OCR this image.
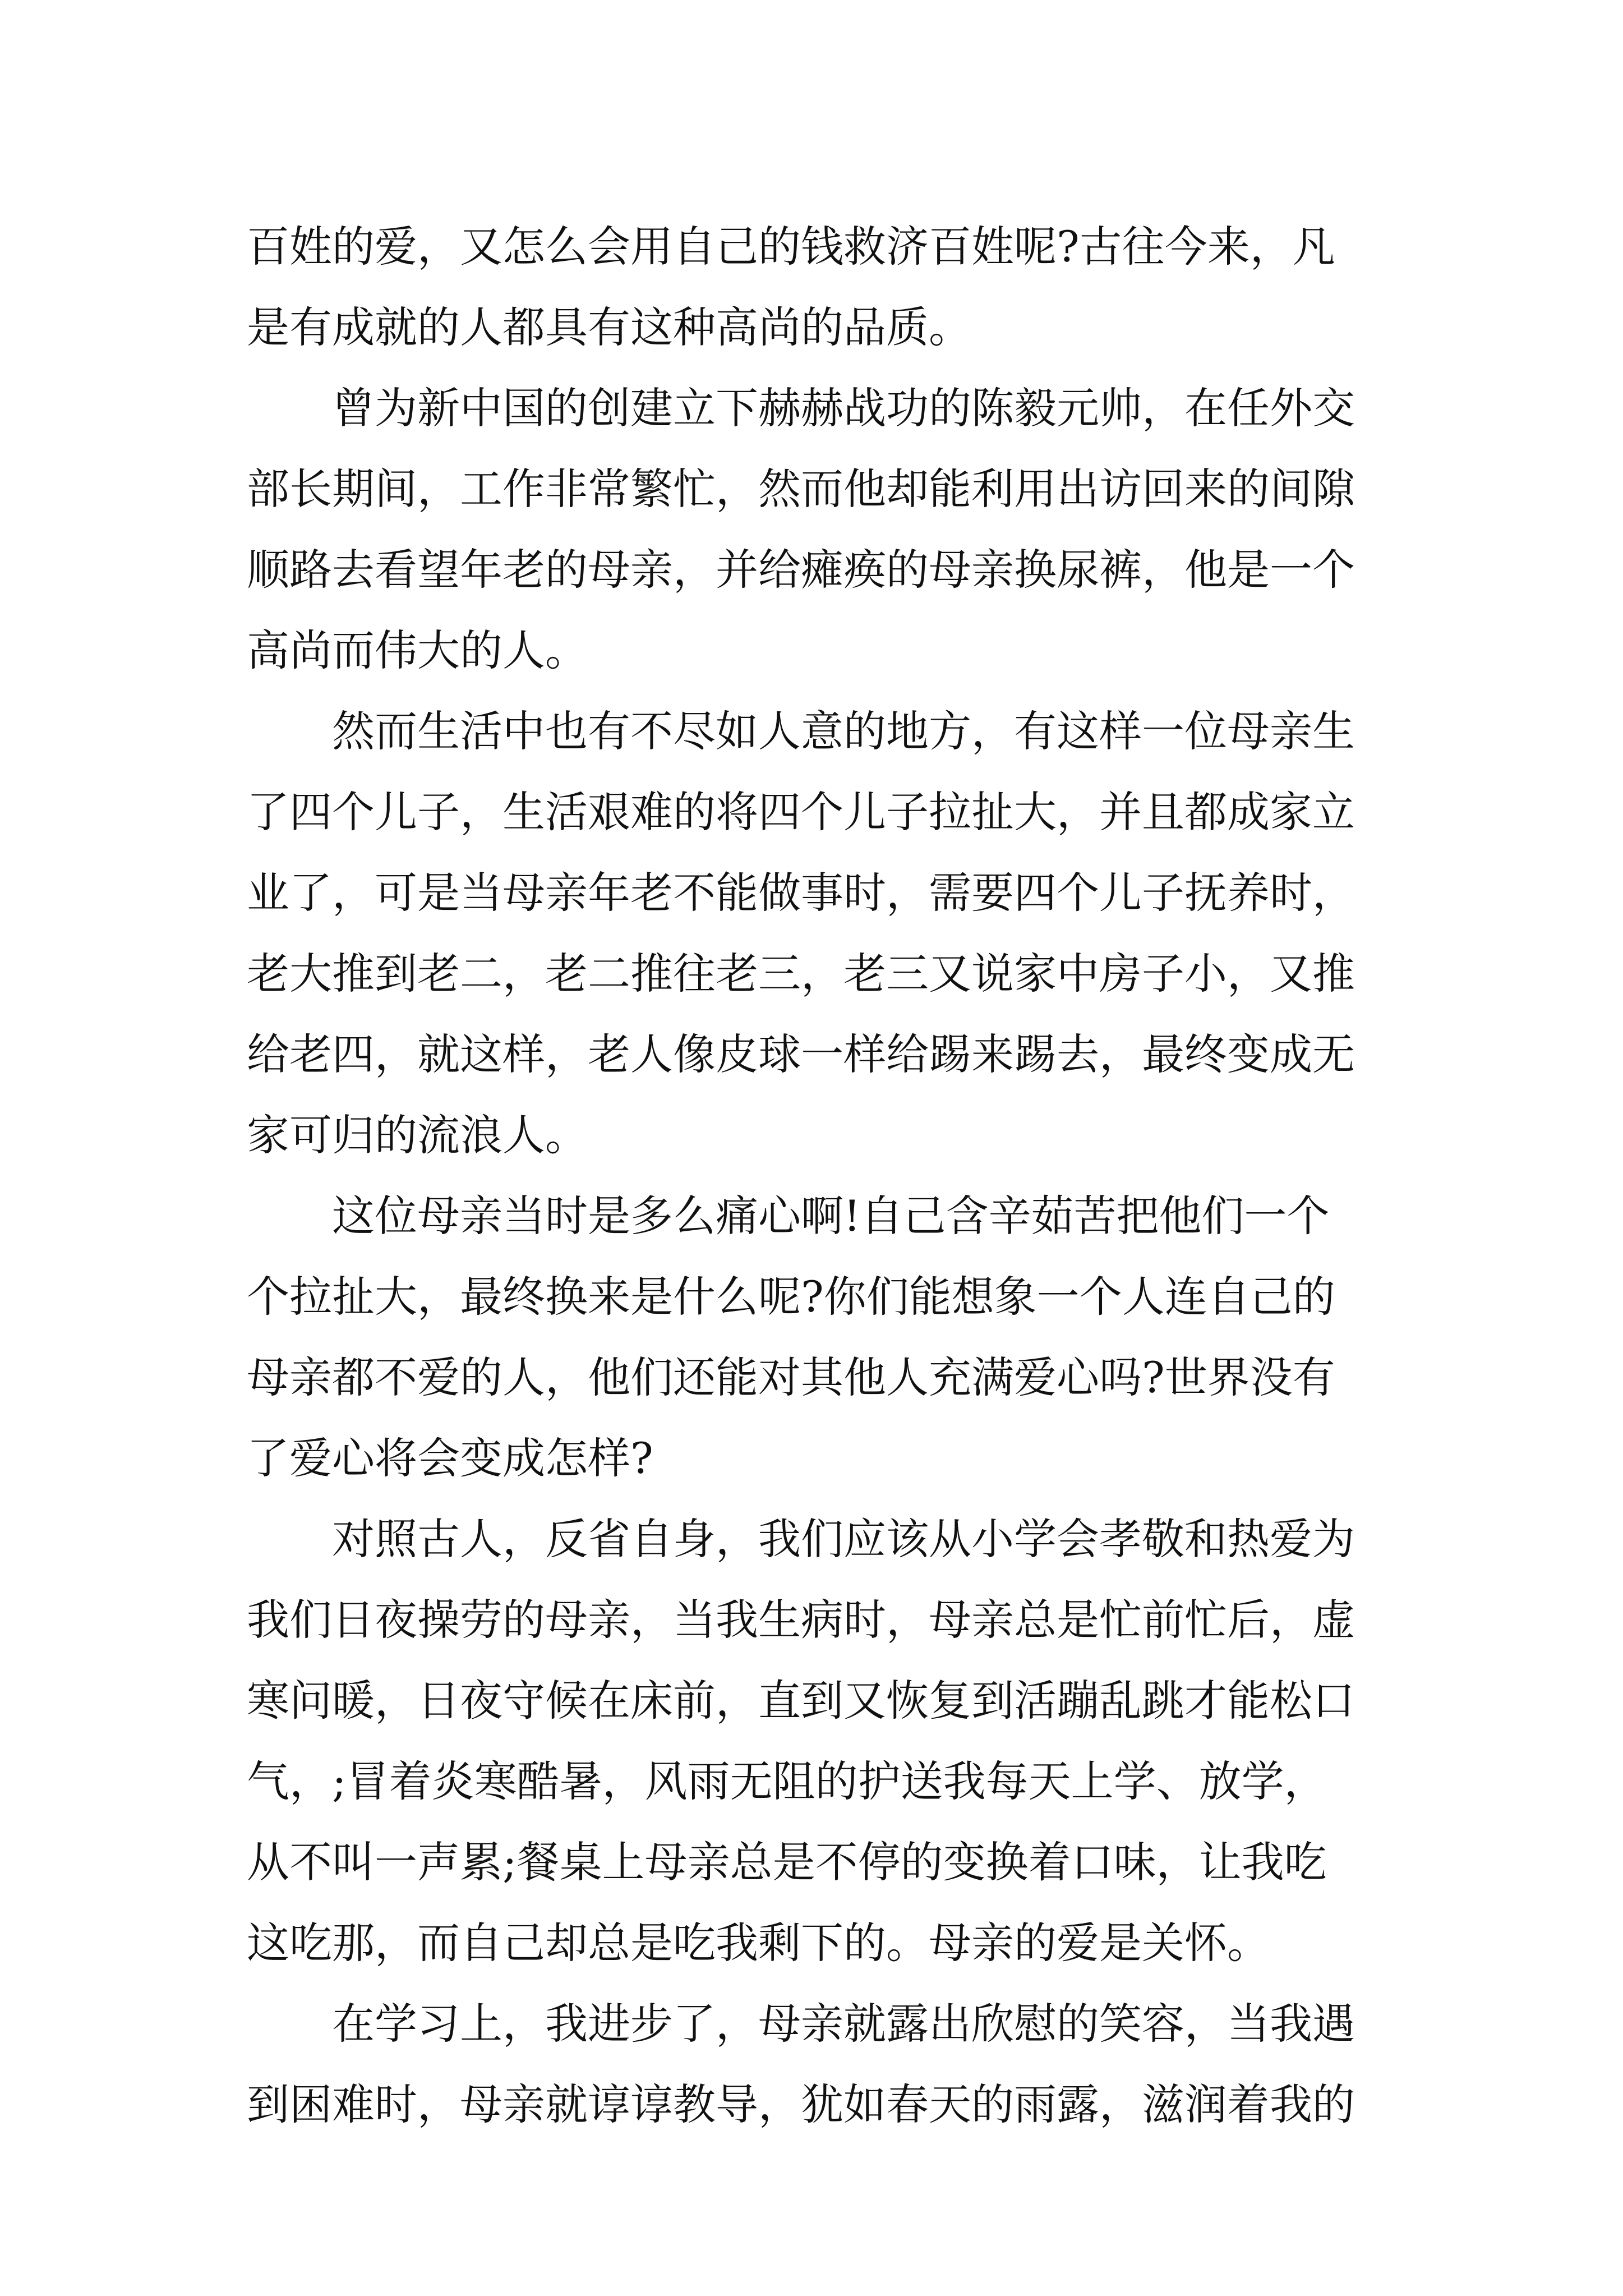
百姓的爱，又怎么会用自己的钱救济百姓呢?古往今来，凡
是有成就的人都具有这种高尚的品质。
曾为新中国的创建立下赫赫战功的陈毅元帅，在任外交
部长期间，工作非常繁忙，然而他却能利用出访回来的间隙
顺路去看望年老的母亲，并给瘫痪的母亲换尿裤，他是一个
高尚而伟大的人。
然而生活中也有不尽如人意的地方，有这样一位母亲生
了四个儿子，生活艰难的将四个儿子拉扯大，并且都成家立
业了，可是当母亲年老不能做事时，需要四个儿子抚养时，
老大推到老二，老二推往老三，老三又说家中房子小，又推
给老四，就这样，老人像皮球一样给踢来踢去，最终变成无
家可归的流浪人。
这位母亲当时是多么痛心啊!自己含辛茹苦把他们一个
个拉扯大，最终换来是什么呢?你们能想象一个人连自己的
母亲都不爱的人，他们还能对其他人充满爱心吗?世界没有
了爱心将会变成怎样?
对照古人，反省自身，我们应该从小学会孝敬和热爱为
我们日夜操劳的母亲，当我生病时，母亲总是忙前忙后，虚
寒问暖，日夜守候在床前，直到又恢复到活蹦乱跳才能松口
气，;冒着炎寒酷暑，风雨无阻的护送我每天上学、放学，
从不叫一声累;餐桌上母亲总是不停的变换着口味，让我吃
这吃那，而自己却总是吃我剩下的。母亲的爱是关怀。
在学习上，我进步了，母亲就露出欣慰的笑容，当我遇
到困难时，母亲就谆谆教导，犹如春天的雨露，滋润着我的
